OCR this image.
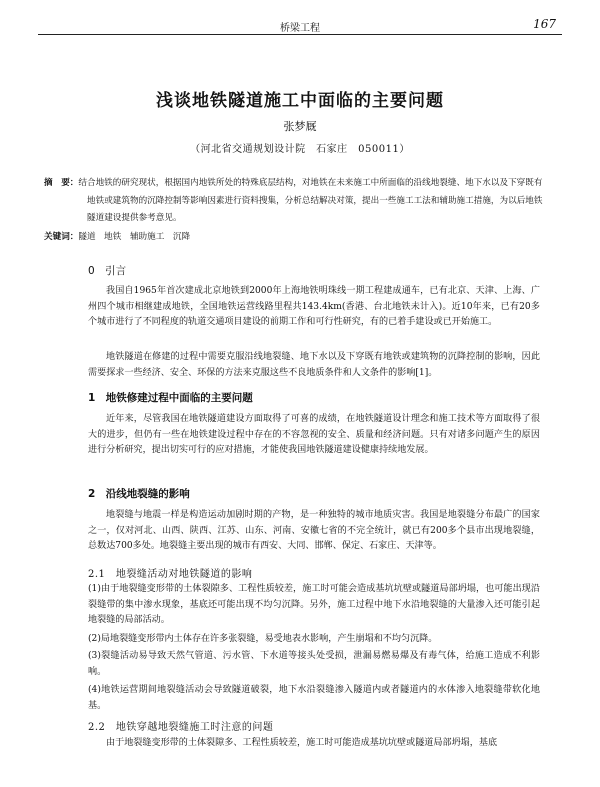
桥梁工程	167
浅谈地铁隧道施工中面临的主要问题
张梦厩
（河北省交通规划设计院　石家庄　050011）
摘　要：结合地铁的研究现状，根据国内地铁所处的特殊底层结构，对地铁在未来施工中所面临的沿线地裂缝、地下水以及下穿既有地铁或建筑物的沉降控制等影响因素进行资料搜集，分析总结解决对策，提出一些施工工法和辅助施工措施，为以后地铁隧道建设提供参考意见。
关键词：隧道　地铁　辅助施工　沉降
0　引言
我国自1965年首次建成北京地铁到2000年上海地铁明珠线一期工程建成通车，已有北京、天津、上海、广州四个城市相继建成地铁，全国地铁运营线路里程共143.4km(香港、台北地铁未计入)。近10年来，已有20多个城市进行了不同程度的轨道交通项目建设的前期工作和可行性研究，有的已着手建设或已开始施工。
地铁隧道在修建的过程中需要克服沿线地裂缝、地下水以及下穿既有地铁或建筑物的沉降控制的影响，因此需要探求一些经济、安全、环保的方法来克服这些不良地质条件和人文条件的影响[1]。
1　地铁修建过程中面临的主要问题
近年来，尽管我国在地铁隧道建设方面取得了可喜的成绩，在地铁隧道设计理念和施工技术等方面取得了很大的进步，但仍有一些在地铁建设过程中存在的不容忽视的安全、质量和经济问题。只有对诸多问题产生的原因进行分析研究，提出切实可行的应对措施，才能使我国地铁隧道建设健康持续地发展。
2　沿线地裂缝的影响
地裂缝与地震一样是构造运动加剧时期的产物，是一种独特的城市地质灾害。我国是地裂缝分布最广的国家之一，仅对河北、山西、陕西、江苏、山东、河南、安徽七省的不完全统计，就已有200多个县市出现地裂缝，总数达700多处。地裂缝主要出现的城市有西安、大同、邯郸、保定、石家庄、天津等。
2.1　地裂缝活动对地铁隧道的影响
(1)由于地裂缝变形带的土体裂隙多、工程性质较差，施工时可能会造成基坑坑壁或隧道局部坍塌，也可能出现沿裂缝带的集中渗水现象，基底还可能出现不均匀沉降。另外，施工过程中地下水沿地裂缝的大量渗入还可能引起地裂缝的局部活动。
(2)局地裂缝变形带内土体存在许多张裂缝，易受地表水影响，产生崩塌和不均匀沉降。
(3)裂缝活动易导致天然气管道、污水管、下水道等接头处受损，泄漏易燃易爆及有毒气体，给施工造成不利影响。
(4)地铁运营期间地裂缝活动会导致隧道破裂，地下水沿裂缝渗入隧道内或者隧道内的水体渗入地裂缝带软化地基。
2.2　地铁穿越地裂缝施工时注意的问题
由于地裂缝变形带的土体裂隙多、工程性质较差，施工时可能造成基坑坑壁或隧道局部坍塌，基底
